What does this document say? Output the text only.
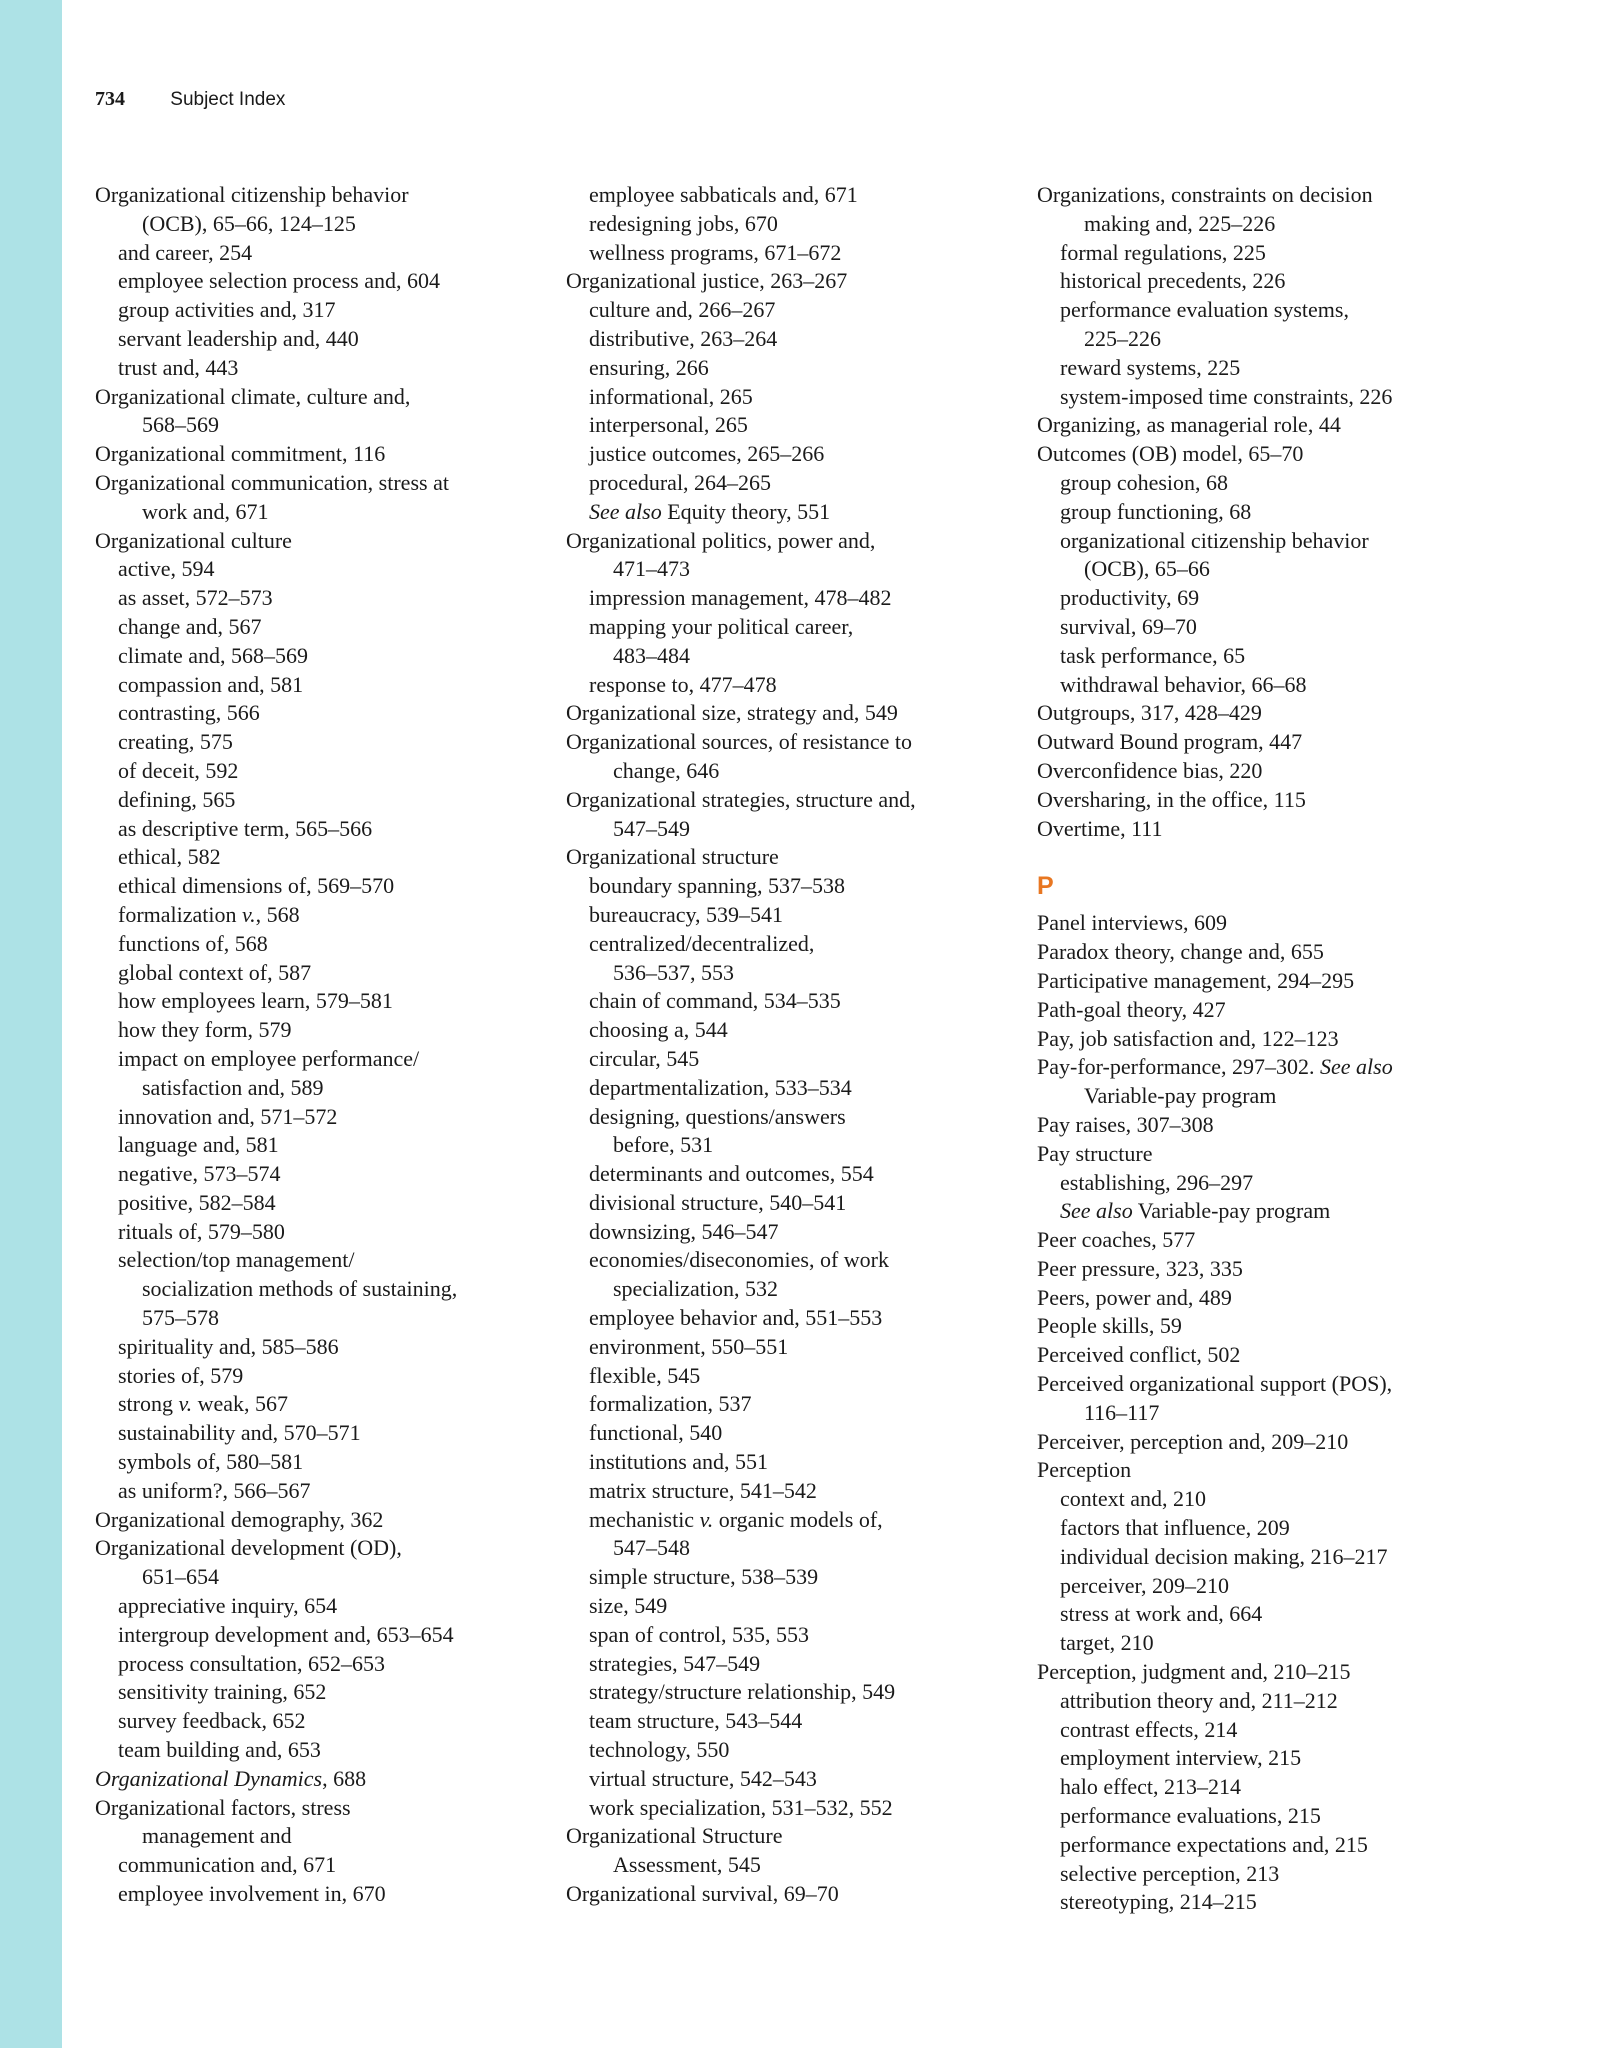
734 Subject Index
Organizational citizenship behavior
(OCB), 65–66, 124–125
and career, 254
employee selection process and, 604
group activities and, 317
servant leadership and, 440
trust and, 443
Organizational climate, culture and,
568–569
Organizational commitment, 116
Organizational communication, stress at
work and, 671
Organizational culture
active, 594
as asset, 572–573
change and, 567
climate and, 568–569
compassion and, 581
contrasting, 566
creating, 575
of deceit, 592
defining, 565
as descriptive term, 565–566
ethical, 582
ethical dimensions of, 569–570
formalization v., 568
functions of, 568
global context of, 587
how employees learn, 579–581
how they form, 579
impact on employee performance/
satisfaction and, 589
innovation and, 571–572
language and, 581
negative, 573–574
positive, 582–584
rituals of, 579–580
selection/top management/
socialization methods of sustaining,
575–578
spirituality and, 585–586
stories of, 579
strong v. weak, 567
sustainability and, 570–571
symbols of, 580–581
as uniform?, 566–567
Organizational demography, 362
Organizational development (OD),
651–654
appreciative inquiry, 654
intergroup development and, 653–654
process consultation, 652–653
sensitivity training, 652
survey feedback, 652
team building and, 653
Organizational Dynamics, 688
Organizational factors, stress
management and
communication and, 671
employee involvement in, 670
employee sabbaticals and, 671
redesigning jobs, 670
wellness programs, 671–672
Organizational justice, 263–267
culture and, 266–267
distributive, 263–264
ensuring, 266
informational, 265
interpersonal, 265
justice outcomes, 265–266
procedural, 264–265
See also Equity theory, 551
Organizational politics, power and,
471–473
impression management, 478–482
mapping your political career,
483–484
response to, 477–478
Organizational size, strategy and, 549
Organizational sources, of resistance to
change, 646
Organizational strategies, structure and,
547–549
Organizational structure
boundary spanning, 537–538
bureaucracy, 539–541
centralized/decentralized,
536–537, 553
chain of command, 534–535
choosing a, 544
circular, 545
departmentalization, 533–534
designing, questions/answers
before, 531
determinants and outcomes, 554
divisional structure, 540–541
downsizing, 546–547
economies/diseconomies, of work
specialization, 532
employee behavior and, 551–553
environment, 550–551
flexible, 545
formalization, 537
functional, 540
institutions and, 551
matrix structure, 541–542
mechanistic v. organic models of,
547–548
simple structure, 538–539
size, 549
span of control, 535, 553
strategies, 547–549
strategy/structure relationship, 549
team structure, 543–544
technology, 550
virtual structure, 542–543
work specialization, 531–532, 552
Organizational Structure
Assessment, 545
Organizational survival, 69–70
Organizations, constraints on decision
making and, 225–226
formal regulations, 225
historical precedents, 226
performance evaluation systems,
225–226
reward systems, 225
system-imposed time constraints, 226
Organizing, as managerial role, 44
Outcomes (OB) model, 65–70
group cohesion, 68
group functioning, 68
organizational citizenship behavior
(OCB), 65–66
productivity, 69
survival, 69–70
task performance, 65
withdrawal behavior, 66–68
Outgroups, 317, 428–429
Outward Bound program, 447
Overconfidence bias, 220
Oversharing, in the office, 115
Overtime, 111
P
Panel interviews, 609
Paradox theory, change and, 655
Participative management, 294–295
Path-goal theory, 427
Pay, job satisfaction and, 122–123
Pay-for-performance, 297–302. See also
Variable-pay program
Pay raises, 307–308
Pay structure
establishing, 296–297
See also Variable-pay program
Peer coaches, 577
Peer pressure, 323, 335
Peers, power and, 489
People skills, 59
Perceived conflict, 502
Perceived organizational support (POS),
116–117
Perceiver, perception and, 209–210
Perception
context and, 210
factors that influence, 209
individual decision making, 216–217
perceiver, 209–210
stress at work and, 664
target, 210
Perception, judgment and, 210–215
attribution theory and, 211–212
contrast effects, 214
employment interview, 215
halo effect, 213–214
performance evaluations, 215
performance expectations and, 215
selective perception, 213
stereotyping, 214–215
